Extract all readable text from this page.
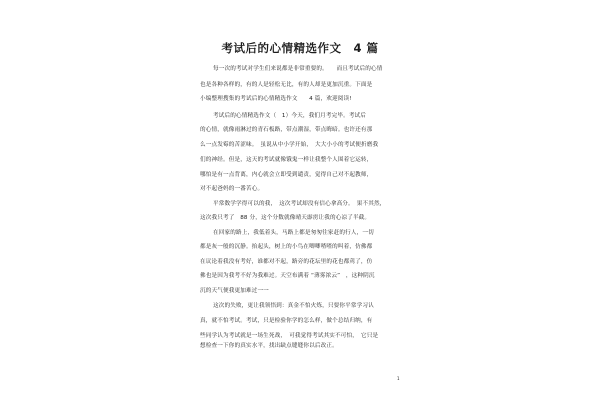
考试后的心情精选作文　4 篇
每一次的考试对学生们来说都是非常重要的。　　而且考试后的心情
也是各种各样的，有的人是轻松无比，有的人却是更加沉重。下面是
小编整理搜集的考试后的心情精选作文　　4 篇，欢迎阅读!
考试后的心情精选作文（　1）今天，我们月考完毕。考试后
的心情，就像雨淋过的青石板路，带点潮湿，带点晦暗。也许还有那
么一点发霉的苦涩味。　虽说从中小学开始，　大大小小的考试便折磨我
们的神经。但是，这天的考试就像饿鬼一样让我整个人围着它运转，
哪怕是有一点背离，内心就会立即受到谴责，觉得自己对不起教师，
对不起爸妈的一番苦心。
平常数学学得可以的我，　这次考试却没有信心拿高分。　果不其然，
这次我只考了　88 分，这个分数就像晴天霹雳让我的心凉了半截。
在回家的路上，我低着头，马路上都是匆匆往家赶的行人，一切
都是灰一般的沉静。抬起头，树上的小鸟在唧唧喳喳的叫着，仿佛都
在议论着我没有考好，谁都对不起，路旁的花坛里的花也都蔫了，仿
佛也是因为我考不好为我难过。天空布满着 “薄雾浓云”　，这种阴沉
沉的天气便我更加难过一一
这次的失败，更让我领悟到：真金不怕火炼，只要你平常学习认
真，就不怕考试。考试，只是检验你学的怎么样，做个总结归纳，有
些同学认为考试就是一场生死战，　可我觉得考试其实不可怕，　它只是
想检查一下你的真实水平，找出缺点缝缝你以后改正。
1
